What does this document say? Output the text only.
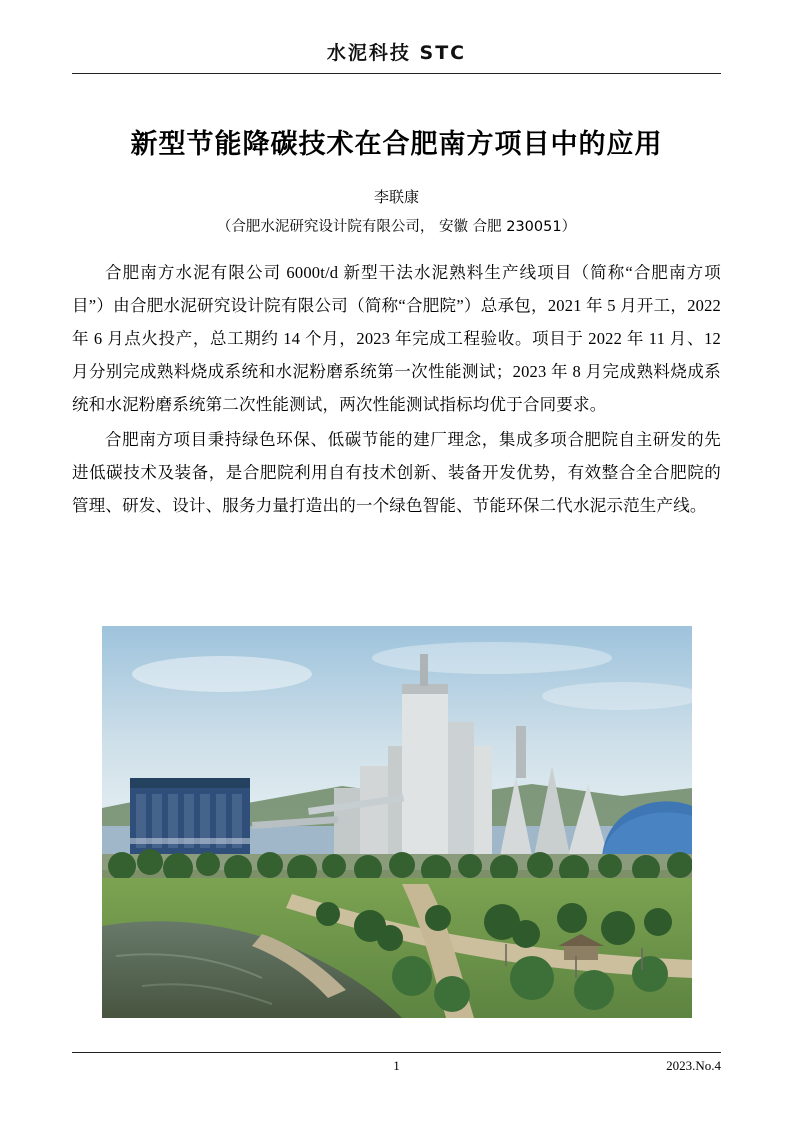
水泥科技 STC
新型节能降碳技术在合肥南方项目中的应用
李联康
（合肥水泥研究设计院有限公司， 安徽 合肥 230051）

合肥南方水泥有限公司 6000t/d 新型干法水泥熟料生产线项目（简称“合肥南方项目”）由合肥水泥研究设计院有限公司（简称“合肥院”）总承包，2021 年 5 月开工，2022 年 6 月点火投产，总工期约 14 个月，2023 年完成工程验收。项目于 2022 年 11 月、12 月分别完成熟料烧成系统和水泥粉磨系统第一次性能测试；2023 年 8 月完成熟料烧成系统和水泥粉磨系统第二次性能测试，两次性能测试指标均优于合同要求。

合肥南方项目秉持绿色环保、低碳节能的建厂理念，集成多项合肥院自主研发的先进低碳技术及装备，是合肥院利用自有技术创新、装备开发优势，有效整合全合肥院的管理、研发、设计、服务力量打造出的一个绿色智能、节能环保二代水泥示范生产线。

1	2023.No.4
